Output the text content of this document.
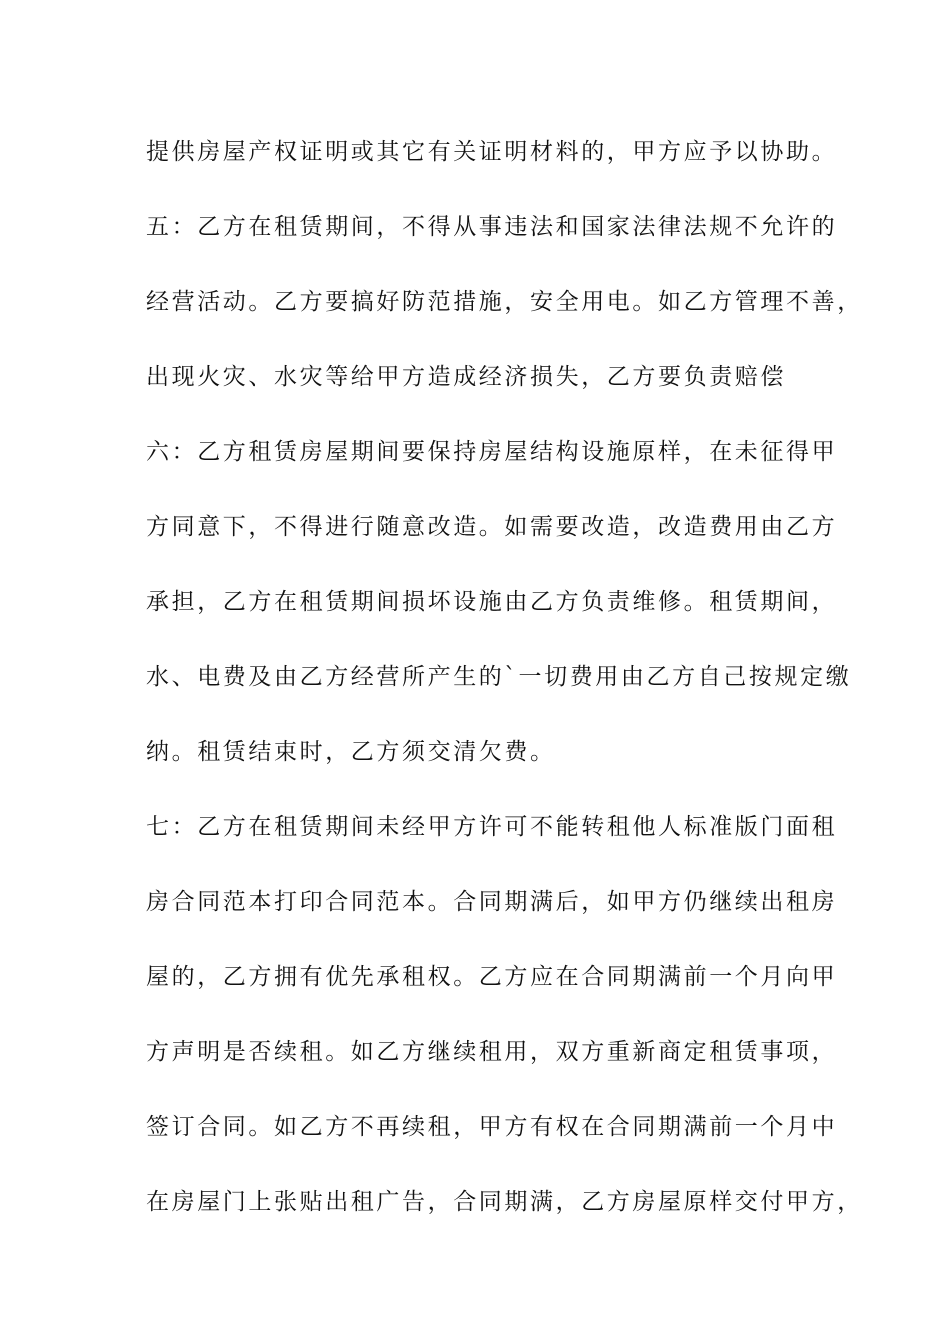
提供房屋产权证明或其它有关证明材料的，甲方应予以协助。
五：乙方在租赁期间，不得从事违法和国家法律法规不允许的
经营活动。乙方要搞好防范措施，安全用电。如乙方管理不善，
出现火灾、水灾等给甲方造成经济损失，乙方要负责赔偿
六：乙方租赁房屋期间要保持房屋结构设施原样，在未征得甲
方同意下，不得进行随意改造。如需要改造，改造费用由乙方
承担，乙方在租赁期间损坏设施由乙方负责维修。租赁期间，
水、电费及由乙方经营所产生的`一切费用由乙方自己按规定缴
纳。租赁结束时，乙方须交清欠费。
七：乙方在租赁期间未经甲方许可不能转租他人标准版门面租
房合同范本打印合同范本。合同期满后，如甲方仍继续出租房
屋的，乙方拥有优先承租权。乙方应在合同期满前一个月向甲
方声明是否续租。如乙方继续租用，双方重新商定租赁事项，
签订合同。如乙方不再续租，甲方有权在合同期满前一个月中
在房屋门上张贴出租广告，合同期满，乙方房屋原样交付甲方，
